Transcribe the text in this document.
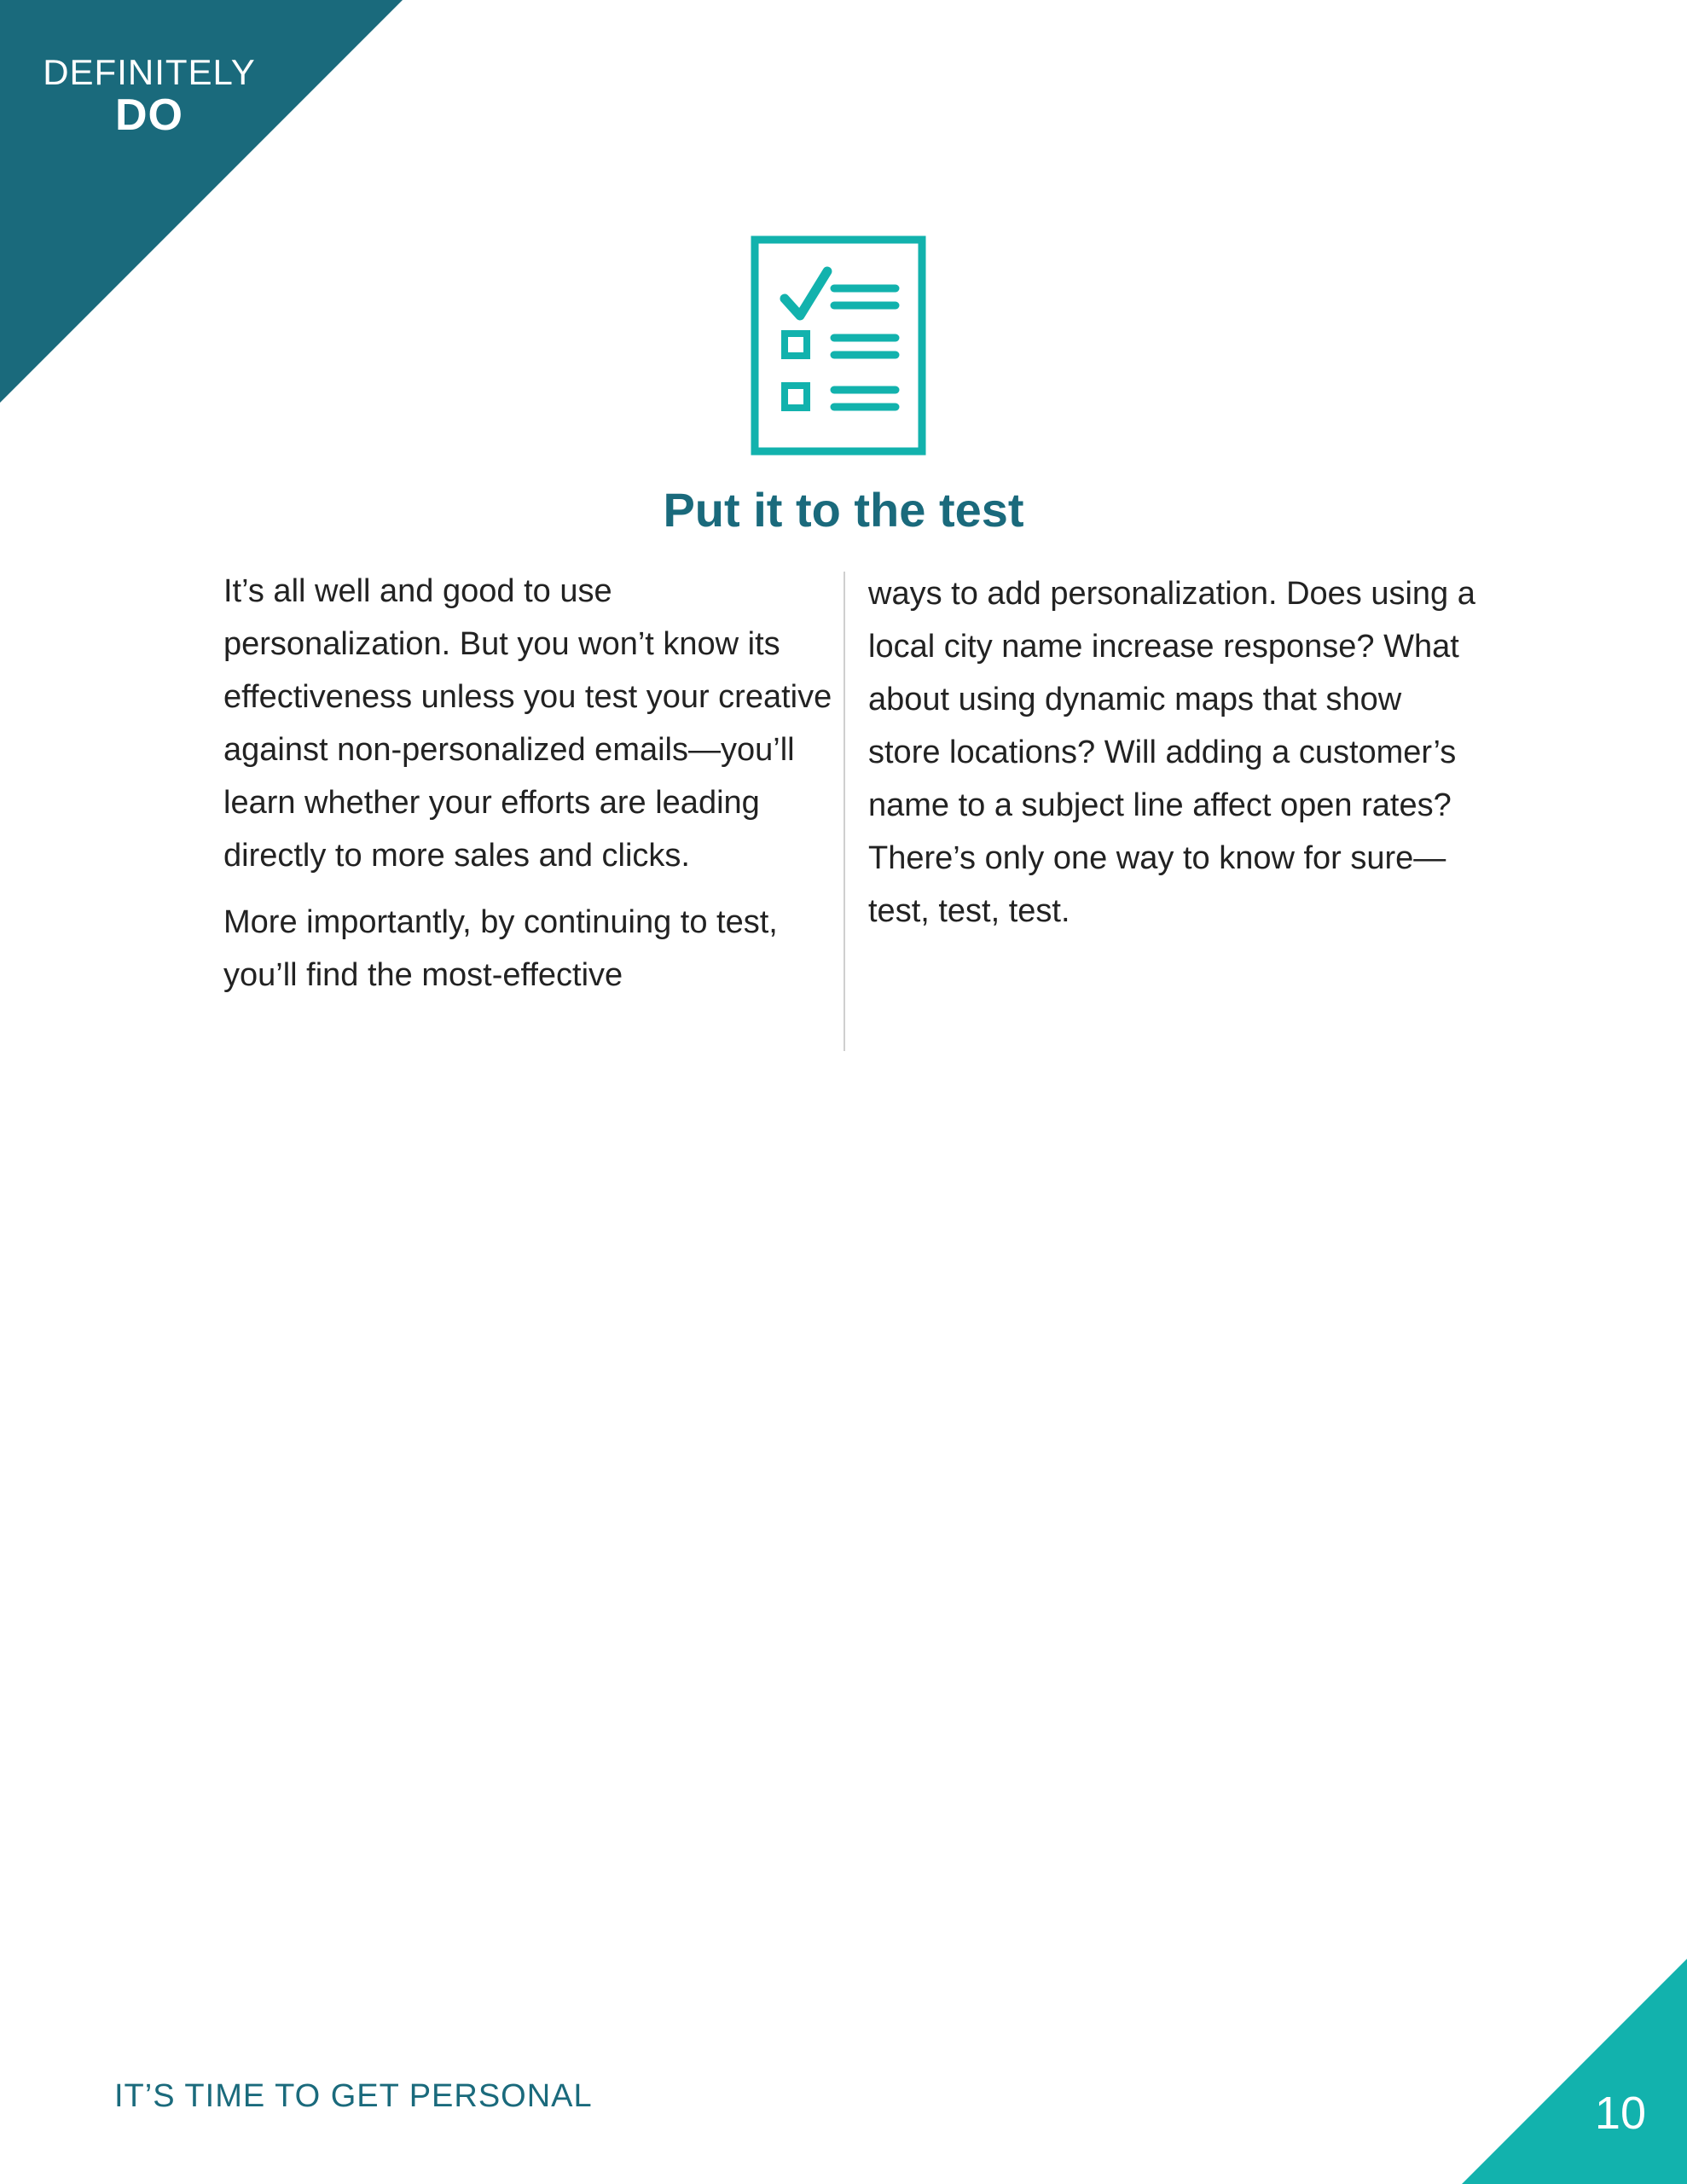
DEFINITELY
DO
Put it to the test

It’s all well and good to use personalization. But you won’t know its effectiveness unless you test your creative against non-personalized emails—you’ll learn whether your efforts are leading directly to more sales and clicks.

More importantly, by continuing to test, you’ll find the most-effective

ways to add personalization. Does using a local city name increase response? What about using dynamic maps that show store locations? Will adding a customer’s name to a subject line affect open rates? There’s only one way to know for sure—test, test, test.

IT’S TIME TO GET PERSONAL	10
